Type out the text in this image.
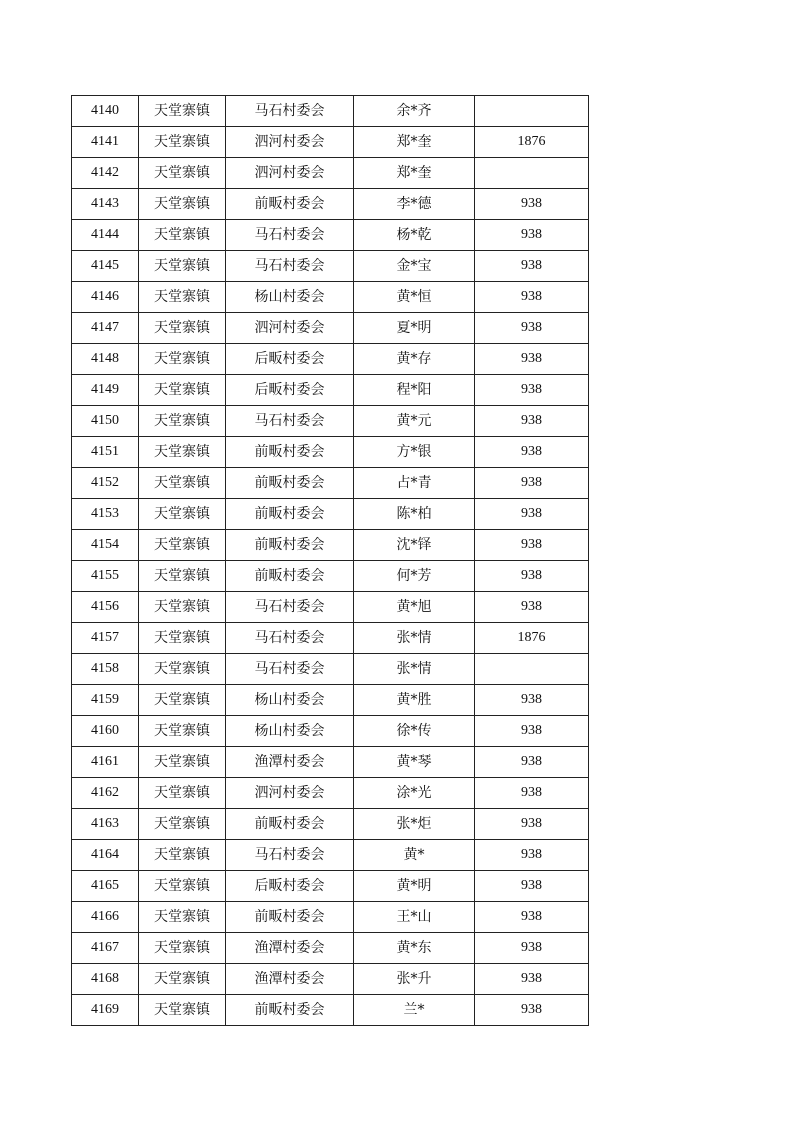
4140	天堂寨镇	马石村委会	余*齐	
4141	天堂寨镇	泗河村委会	郑*奎	1876
4142	天堂寨镇	泗河村委会	郑*奎	
4143	天堂寨镇	前畈村委会	李*德	938
4144	天堂寨镇	马石村委会	杨*乾	938
4145	天堂寨镇	马石村委会	金*宝	938
4146	天堂寨镇	杨山村委会	黄*恒	938
4147	天堂寨镇	泗河村委会	夏*明	938
4148	天堂寨镇	后畈村委会	黄*存	938
4149	天堂寨镇	后畈村委会	程*阳	938
4150	天堂寨镇	马石村委会	黄*元	938
4151	天堂寨镇	前畈村委会	方*银	938
4152	天堂寨镇	前畈村委会	占*青	938
4153	天堂寨镇	前畈村委会	陈*柏	938
4154	天堂寨镇	前畈村委会	沈*铎	938
4155	天堂寨镇	前畈村委会	何*芳	938
4156	天堂寨镇	马石村委会	黄*旭	938
4157	天堂寨镇	马石村委会	张*情	1876
4158	天堂寨镇	马石村委会	张*情	
4159	天堂寨镇	杨山村委会	黄*胜	938
4160	天堂寨镇	杨山村委会	徐*传	938
4161	天堂寨镇	渔潭村委会	黄*琴	938
4162	天堂寨镇	泗河村委会	涂*光	938
4163	天堂寨镇	前畈村委会	张*炬	938
4164	天堂寨镇	马石村委会	黄*	938
4165	天堂寨镇	后畈村委会	黄*明	938
4166	天堂寨镇	前畈村委会	王*山	938
4167	天堂寨镇	渔潭村委会	黄*东	938
4168	天堂寨镇	渔潭村委会	张*升	938
4169	天堂寨镇	前畈村委会	兰*	938
